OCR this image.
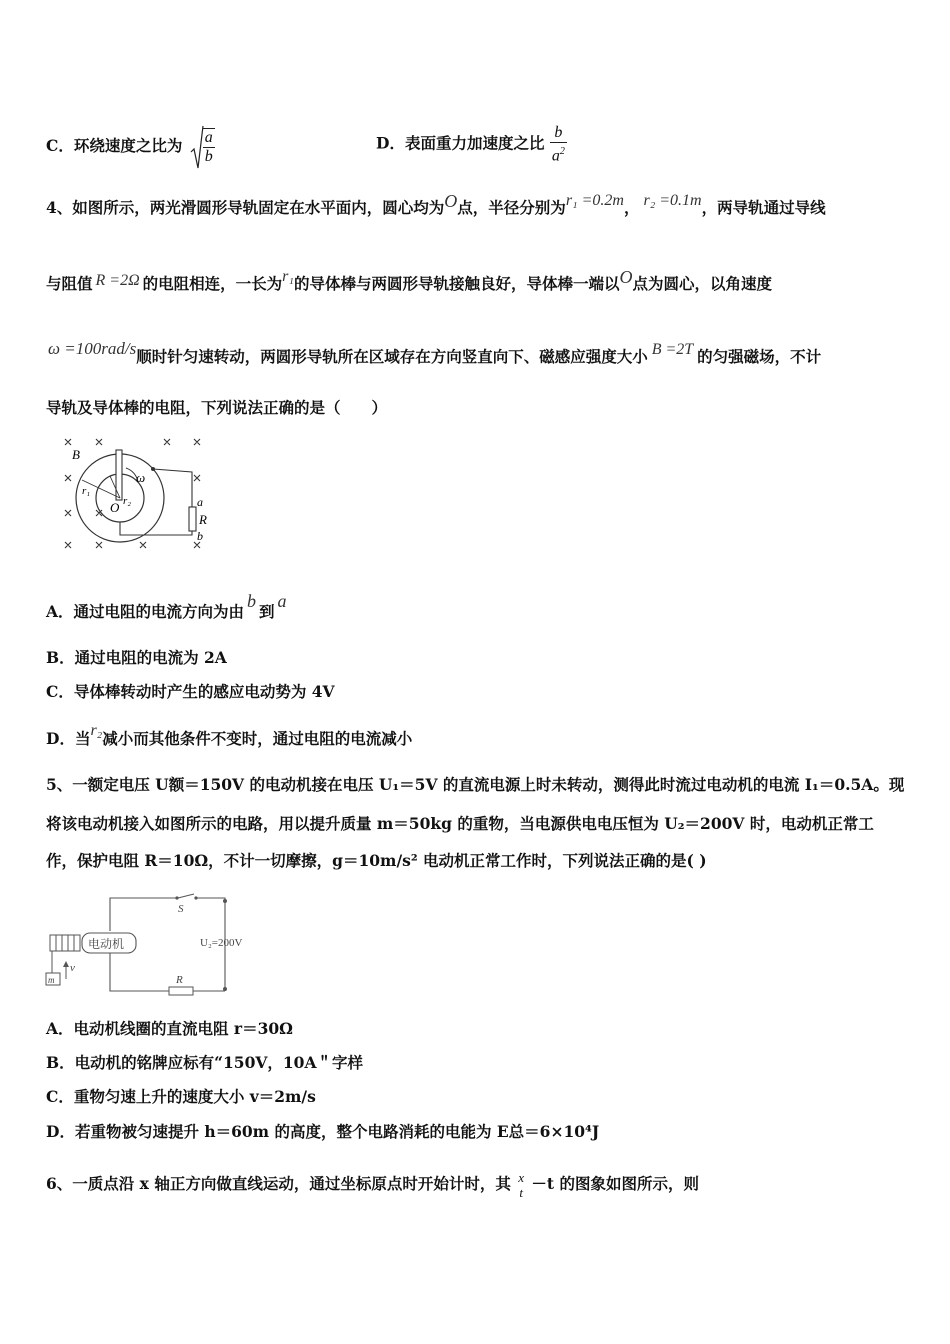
C．环绕速度之比为 $\frac{a}{b}$	D．表面重力加速度之比 $\frac{b}{a^2}$
4、如图所示，两光滑圆形导轨固定在水平面内，圆心均为O点，半径分别为r₁ =0.2m， r₂ =0.1m，两导轨通过导线
与阻值 R =2Ω 的电阻相连，一长为r₁的导体棒与两圆形导轨接触良好，导体棒一端以O点为圆心，以角速度
ω =100rad/s顺时针匀速转动，两圆形导轨所在区域存在方向竖直向下、磁感应强度大小 B =2T 的匀强磁场，不计
导轨及导体棒的电阻，下列说法正确的是（　　）
B
r₁
r₂
O
ω
a
R
b
A．通过电阻的电流方向为由b到a
B．通过电阻的电流为 2A
C．导体棒转动时产生的感应电动势为 4V
D．当r₂减小而其他条件不变时，通过电阻的电流减小
5、一额定电压 U额＝150V 的电动机接在电压 U₁＝5V 的直流电源上时未转动，测得此时流过电动机的电流 I₁＝0.5A。现
将该电动机接入如图所示的电路，用以提升质量 m＝50kg 的重物，当电源供电电压恒为 U₂＝200V 时，电动机正常工
作，保护电阻 R＝10Ω，不计一切摩擦，g＝10m/s² 电动机正常工作时，下列说法正确的是( )
S
U₂=200V
电动机
m
v
R
A．电动机线圈的直流电阻 r＝30Ω
B．电动机的铭牌应标有“150V，10A＂字样
C．重物匀速上升的速度大小 v＝2m/s
D．若重物被匀速提升 h＝60m 的高度，整个电路消耗的电能为 E总＝6×10⁴J
6、一质点沿 x 轴正方向做直线运动，通过坐标原点时开始计时，其 x
t －t 的图象如图所示，则
